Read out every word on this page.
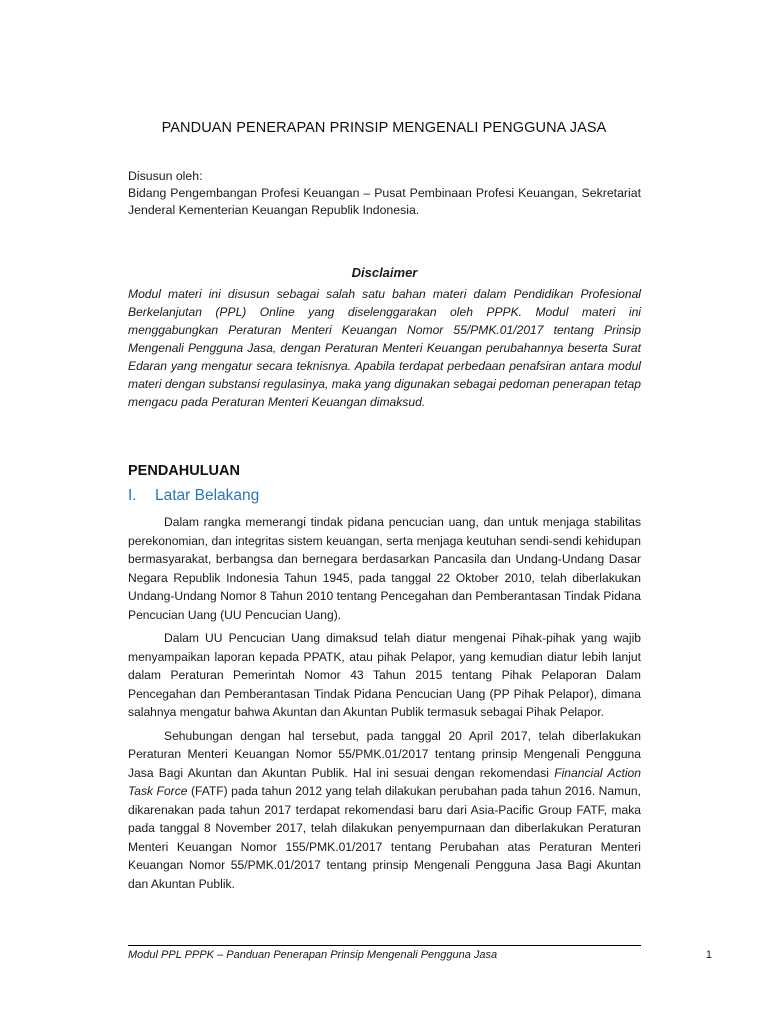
PANDUAN PENERAPAN PRINSIP MENGENALI PENGGUNA JASA
Disusun oleh:
Bidang Pengembangan Profesi Keuangan – Pusat Pembinaan Profesi Keuangan, Sekretariat Jenderal Kementerian Keuangan Republik Indonesia.
Disclaimer
Modul materi ini disusun sebagai salah satu bahan materi dalam Pendidikan Profesional Berkelanjutan (PPL) Online yang diselenggarakan oleh PPPK. Modul materi ini menggabungkan Peraturan Menteri Keuangan Nomor 55/PMK.01/2017 tentang Prinsip Mengenali Pengguna Jasa, dengan Peraturan Menteri Keuangan perubahannya beserta Surat Edaran yang mengatur secara teknisnya. Apabila terdapat perbedaan penafsiran antara modul materi dengan substansi regulasinya, maka yang digunakan sebagai pedoman penerapan tetap mengacu pada Peraturan Menteri Keuangan dimaksud.
PENDAHULUAN
I. Latar Belakang

Dalam rangka memerangi tindak pidana pencucian uang, dan untuk menjaga stabilitas perekonomian, dan integritas sistem keuangan, serta menjaga keutuhan sendi-sendi kehidupan bermasyarakat, berbangsa dan bernegara berdasarkan Pancasila dan Undang-Undang Dasar Negara Republik Indonesia Tahun 1945, pada tanggal 22 Oktober 2010, telah diberlakukan Undang-Undang Nomor 8 Tahun 2010 tentang Pencegahan dan Pemberantasan Tindak Pidana Pencucian Uang (UU Pencucian Uang).

Dalam UU Pencucian Uang dimaksud telah diatur mengenai Pihak-pihak yang wajib menyampaikan laporan kepada PPATK, atau pihak Pelapor, yang kemudian diatur lebih lanjut dalam Peraturan Pemerintah Nomor 43 Tahun 2015 tentang Pihak Pelaporan Dalam Pencegahan dan Pemberantasan Tindak Pidana Pencucian Uang (PP Pihak Pelapor), dimana salahnya mengatur bahwa Akuntan dan Akuntan Publik termasuk sebagai Pihak Pelapor.

Sehubungan dengan hal tersebut, pada tanggal 20 April 2017, telah diberlakukan Peraturan Menteri Keuangan Nomor 55/PMK.01/2017 tentang prinsip Mengenali Pengguna Jasa Bagi Akuntan dan Akuntan Publik. Hal ini sesuai dengan rekomendasi Financial Action Task Force (FATF) pada tahun 2012 yang telah dilakukan perubahan pada tahun 2016. Namun, dikarenakan pada tahun 2017 terdapat rekomendasi baru dari Asia-Pacific Group FATF, maka pada tanggal 8 November 2017, telah dilakukan penyempurnaan dan diberlakukan Peraturan Menteri Keuangan Nomor 155/PMK.01/2017 tentang Perubahan atas Peraturan Menteri Keuangan Nomor 55/PMK.01/2017 tentang prinsip Mengenali Pengguna Jasa Bagi Akuntan dan Akuntan Publik.

Modul PPL PPPK – Panduan Penerapan Prinsip Mengenali Pengguna Jasa	1
